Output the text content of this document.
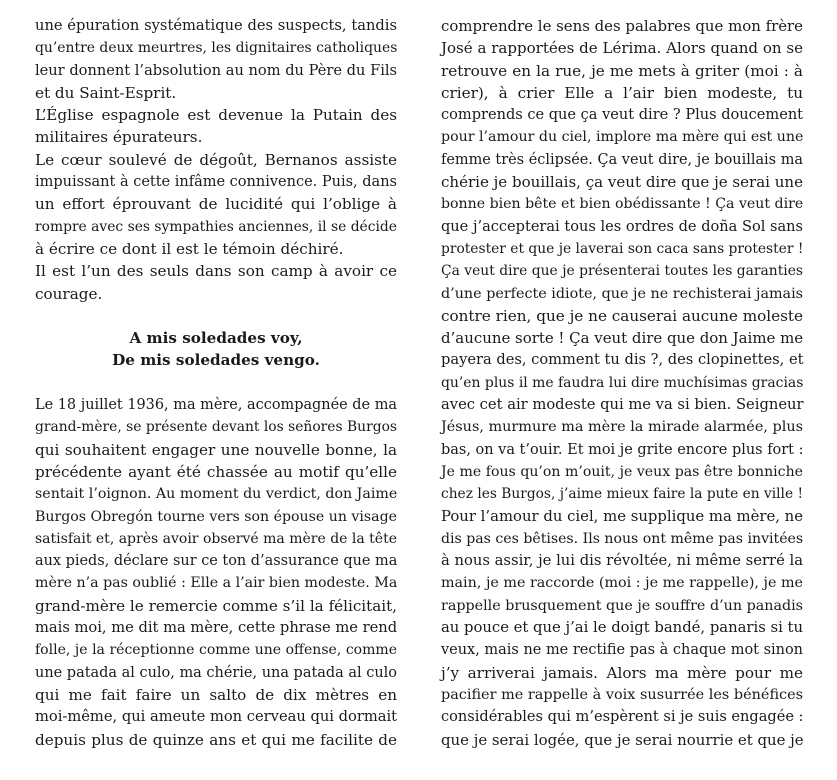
une épuration systématique des suspects, tandis
qu’entre deux meurtres, les dignitaires catholiques
leur donnent l’absolution au nom du Père du Fils
et du Saint-Esprit.
L’Église espagnole est devenue la Putain des
militaires épurateurs.
Le cœur soulevé de dégoût, Bernanos assiste
impuissant à cette infâme connivence. Puis, dans
un effort éprouvant de lucidité qui l’oblige à
rompre avec ses sympathies anciennes, il se décide
à écrire ce dont il est le témoin déchiré.
Il est l’un des seuls dans son camp à avoir ce
courage.
A mis soledades voy,
De mis soledades vengo.
Le 18 juillet 1936, ma mère, accompagnée de ma
grand-mère, se présente devant los señores Burgos
qui souhaitent engager une nouvelle bonne, la
précédente ayant été chassée au motif qu’elle
sentait l’oignon. Au moment du verdict, don Jaime
Burgos Obregón tourne vers son épouse un visage
satisfait et, après avoir observé ma mère de la tête
aux pieds, déclare sur ce ton d’assurance que ma
mère n’a pas oublié : Elle a l’air bien modeste. Ma
grand-mère le remercie comme s’il la félicitait,
mais moi, me dit ma mère, cette phrase me rend
folle, je la réceptionne comme une offense, comme
une patada al culo, ma chérie, una patada al culo
qui me fait faire un salto de dix mètres en
moi-même, qui ameute mon cerveau qui dormait
depuis plus de quinze ans et qui me facilite de
comprendre le sens des palabres que mon frère
José a rapportées de Lérima. Alors quand on se
retrouve en la rue, je me mets à griter (moi : à
crier), à crier Elle a l’air bien modeste, tu
comprends ce que ça veut dire ? Plus doucement
pour l’amour du ciel, implore ma mère qui est une
femme très éclipsée. Ça veut dire, je bouillais ma
chérie je bouillais, ça veut dire que je serai une
bonne bien bête et bien obédissante ! Ça veut dire
que j’accepterai tous les ordres de doña Sol sans
protester et que je laverai son caca sans protester !
Ça veut dire que je présenterai toutes les garanties
d’une perfecte idiote, que je ne rechisterai jamais
contre rien, que je ne causerai aucune moleste
d’aucune sorte ! Ça veut dire que don Jaime me
payera des, comment tu dis ?, des clopinettes, et
qu’en plus il me faudra lui dire muchísimas gracias
avec cet air modeste qui me va si bien. Seigneur
Jésus, murmure ma mère la mirade alarmée, plus
bas, on va t’ouir. Et moi je grite encore plus fort :
Je me fous qu’on m’ouit, je veux pas être bonniche
chez les Burgos, j’aime mieux faire la pute en ville !
Pour l’amour du ciel, me supplique ma mère, ne
dis pas ces bêtises. Ils nous ont même pas invitées
à nous assir, je lui dis révoltée, ni même serré la
main, je me raccorde (moi : je me rappelle), je me
rappelle brusquement que je souffre d’un panadis
au pouce et que j’ai le doigt bandé, panaris si tu
veux, mais ne me rectifie pas à chaque mot sinon
j’y arriverai jamais. Alors ma mère pour me
pacifier me rappelle à voix susurrée les bénéfices
considérables qui m’espèrent si je suis engagée :
que je serai logée, que je serai nourrie et que je
